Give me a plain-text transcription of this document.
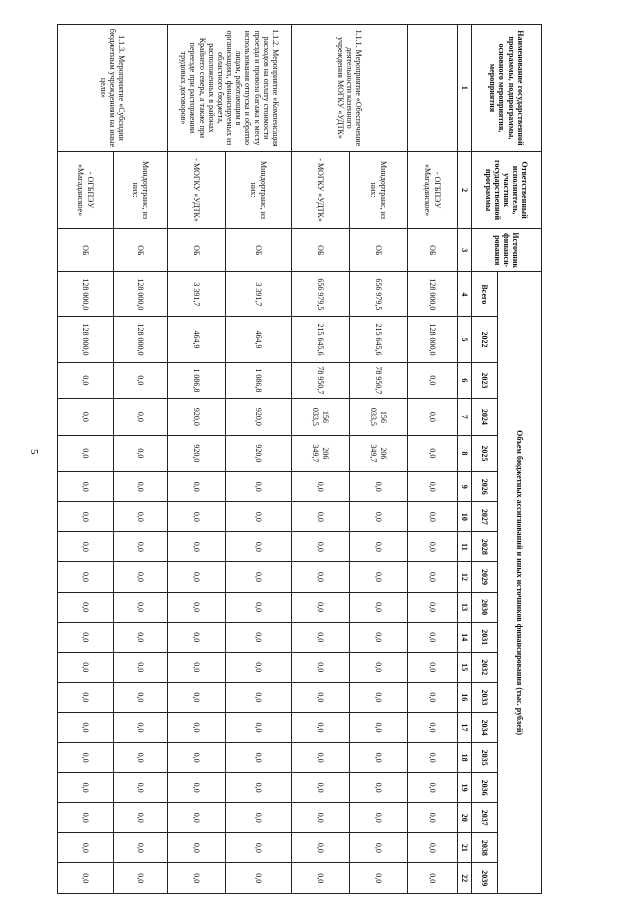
5
Наименование государственной программы, подпрограммы, основного мероприятия, мероприятия	Ответственный исполнитель, участник государственной программы	Источник финанси-рования	Объем бюджетных ассигнований и иных источников финансирования (тыс. рублей)																		
			Всего	2022	2023	2024	2025	2026	2027	2028	2029	2030	2031	2032	2033	2034	2035	2036	2037	2038	2039
1	2	3	4	5	6	7	8	9	10	11	12	13	14	15	16	17	18	19	20	21	22
	- ОГБПЭУ «Магаданское»	ОБ	128 000,0	128 000,0	0,0	0,0	0,0	0,0	0,0	0,0	0,0	0,0	0,0	0,0	0,0	0,0	0,0	0,0	0,0	0,0	0,0
1.1.1. Мероприятие «Обеспечение деятельности казенного учреждения МОГКУ «УДТК»	Миндортранс, из них:	ОБ	656 979,5	215 645,6	78 950,7	156 033,5	206 349,7	0,0	0,0	0,0	0,0	0,0	0,0	0,0	0,0	0,0	0,0	0,0	0,0	0,0	0,0
	- МОГКУ «УДТК»	ОБ	656 979,5	215 645,6	78 950,7	156 033,5	206 349,7	0,0	0,0	0,0	0,0	0,0	0,0	0,0	0,0	0,0	0,0	0,0	0,0	0,0	0,0
1.1.2. Мероприятие «Компенсация расходов на оплату стоимости проезда и провоза багажа к месту использования отпуска и обратно лицам, работающим в организациях, финансируемых из областного бюджета, расположенных в районах Крайнего севера, а также при переезде при расторжении трудовых договоров»	Миндортранс, из них:	ОБ	3 391,7	464,9	1 086,8	920,0	920,0	0,0	0,0	0,0	0,0	0,0	0,0	0,0	0,0	0,0	0,0	0,0	0,0	0,0	0,0
	- МОГКУ «УДТК»	ОБ	3 391,7	464,9	1 086,8	920,0	920,0	0,0	0,0	0,0	0,0	0,0	0,0	0,0	0,0	0,0	0,0	0,0	0,0	0,0	0,0
1.1.3. Мероприятие «Субсидии бюджетным учреждениям на иные цели»	Миндортранс, из них:	ОБ	128 000,0	128 000,0	0,0	0,0	0,0	0,0	0,0	0,0	0,0	0,0	0,0	0,0	0,0	0,0	0,0	0,0	0,0	0,0	0,0
	- ОГБПЭУ «Магаданское»	ОБ	128 000,0	128 000,0	0,0	0,0	0,0	0,0	0,0	0,0	0,0	0,0	0,0	0,0	0,0	0,0	0,0	0,0	0,0	0,0	0,0
